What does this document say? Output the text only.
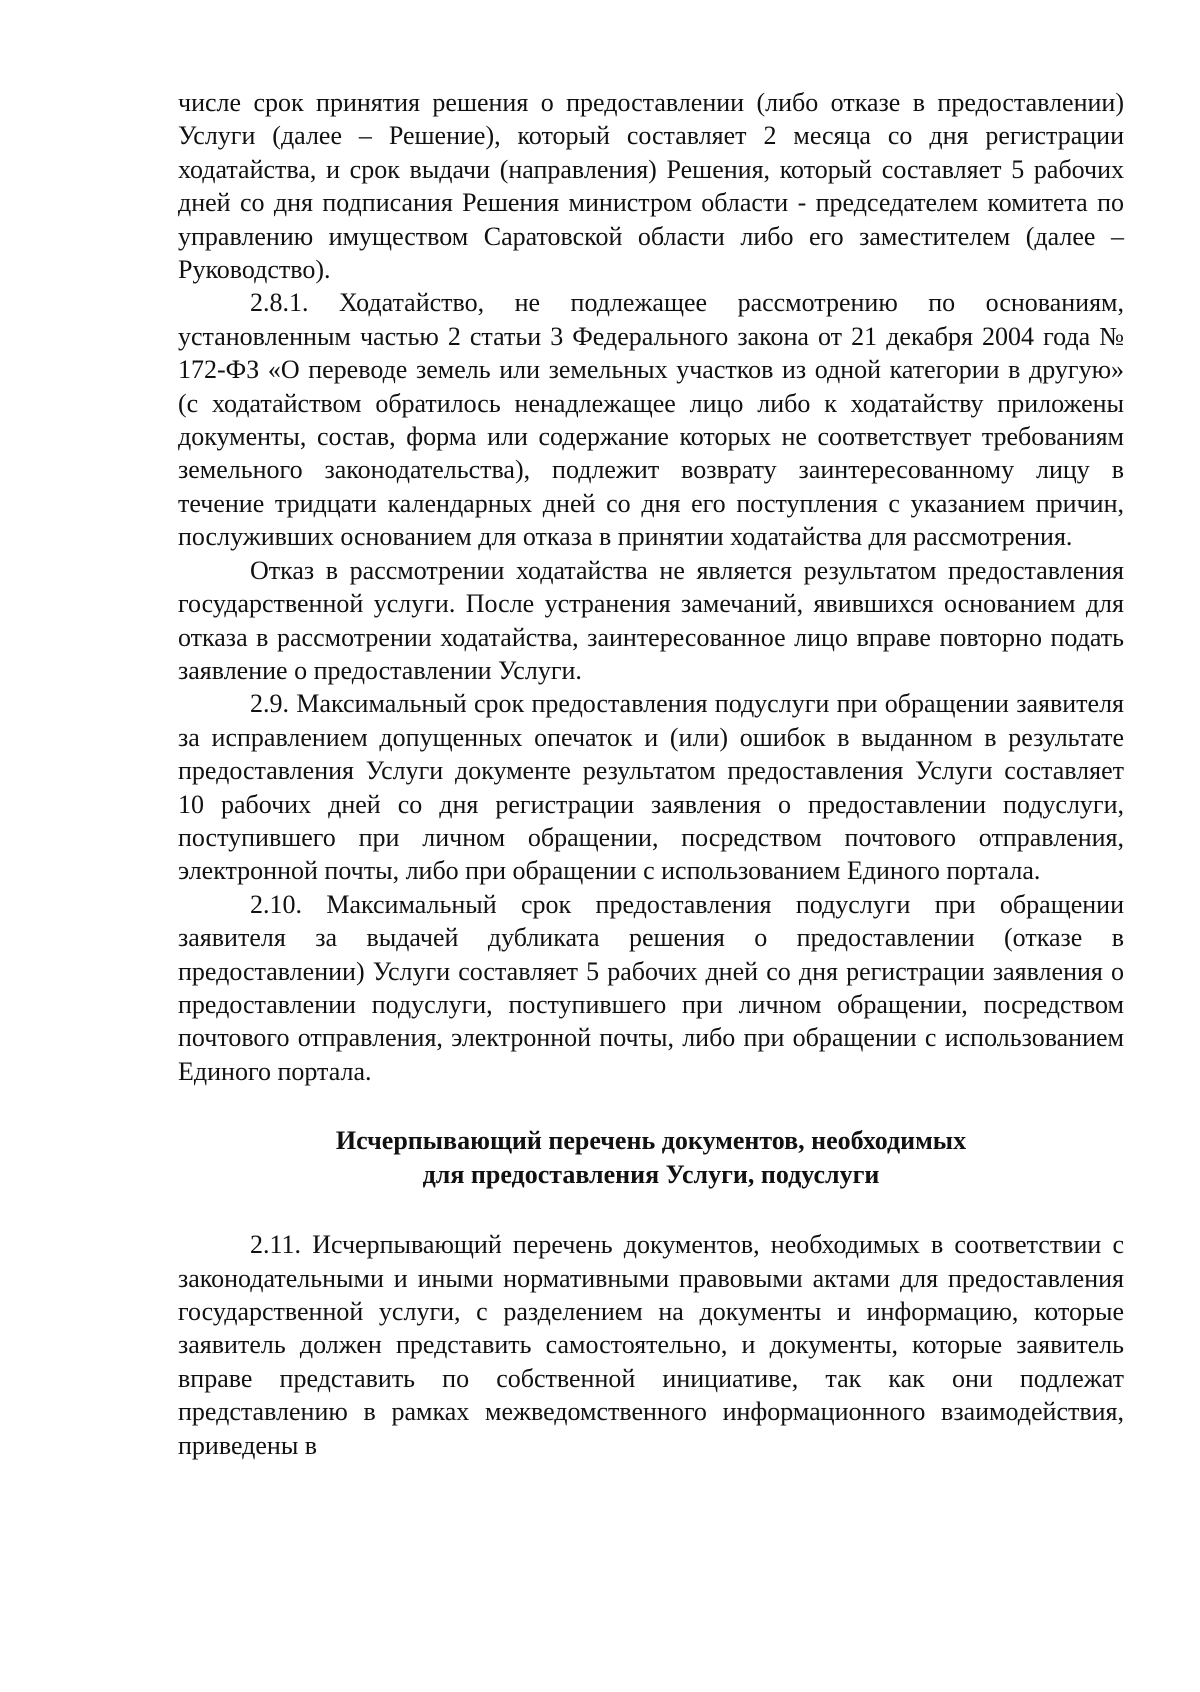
числе срок принятия решения о предоставлении (либо отказе в предоставлении) Услуги (далее – Решение), который составляет 2 месяца со дня регистрации ходатайства, и срок выдачи (направления) Решения, который составляет 5 рабочих дней со дня подписания Решения министром области - председателем комитета по управлению имуществом Саратовской области либо его заместителем (далее – Руководство).

2.8.1. Ходатайство, не подлежащее рассмотрению по основаниям, установленным частью 2 статьи 3 Федерального закона от 21 декабря 2004 года № 172-ФЗ «О переводе земель или земельных участков из одной категории в другую» (с ходатайством обратилось ненадлежащее лицо либо к ходатайству приложены документы, состав, форма или содержание которых не соответствует требованиям земельного законодательства), подлежит возврату заинтересованному лицу в течение тридцати календарных дней со дня его поступления с указанием причин, послуживших основанием для отказа в принятии ходатайства для рассмотрения.

Отказ в рассмотрении ходатайства не является результатом предоставления государственной услуги. После устранения замечаний, явившихся основанием для отказа в рассмотрении ходатайства, заинтересованное лицо вправе повторно подать заявление о предоставлении Услуги.

2.9. Максимальный срок предоставления подуслуги при обращении заявителя за исправлением допущенных опечаток и (или) ошибок в выданном в результате предоставления Услуги документе результатом предоставления Услуги составляет 10 рабочих дней со дня регистрации заявления о предоставлении подуслуги, поступившего при личном обращении, посредством почтового отправления, электронной почты, либо при обращении с использованием Единого портала.

2.10. Максимальный срок предоставления подуслуги при обращении заявителя за выдачей дубликата решения о предоставлении (отказе в предоставлении) Услуги составляет 5 рабочих дней со дня регистрации заявления о предоставлении подуслуги, поступившего при личном обращении, посредством почтового отправления, электронной почты, либо при обращении с использованием Единого портала.

Исчерпывающий перечень документов, необходимых
для предоставления Услуги, подуслуги

2.11. Исчерпывающий перечень документов, необходимых в соответствии с законодательными и иными нормативными правовыми актами для предоставления государственной услуги, с разделением на документы и информацию, которые заявитель должен представить самостоятельно, и документы, которые заявитель вправе представить по собственной инициативе, так как они подлежат представлению в рамках межведомственного информационного взаимодействия, приведены в
